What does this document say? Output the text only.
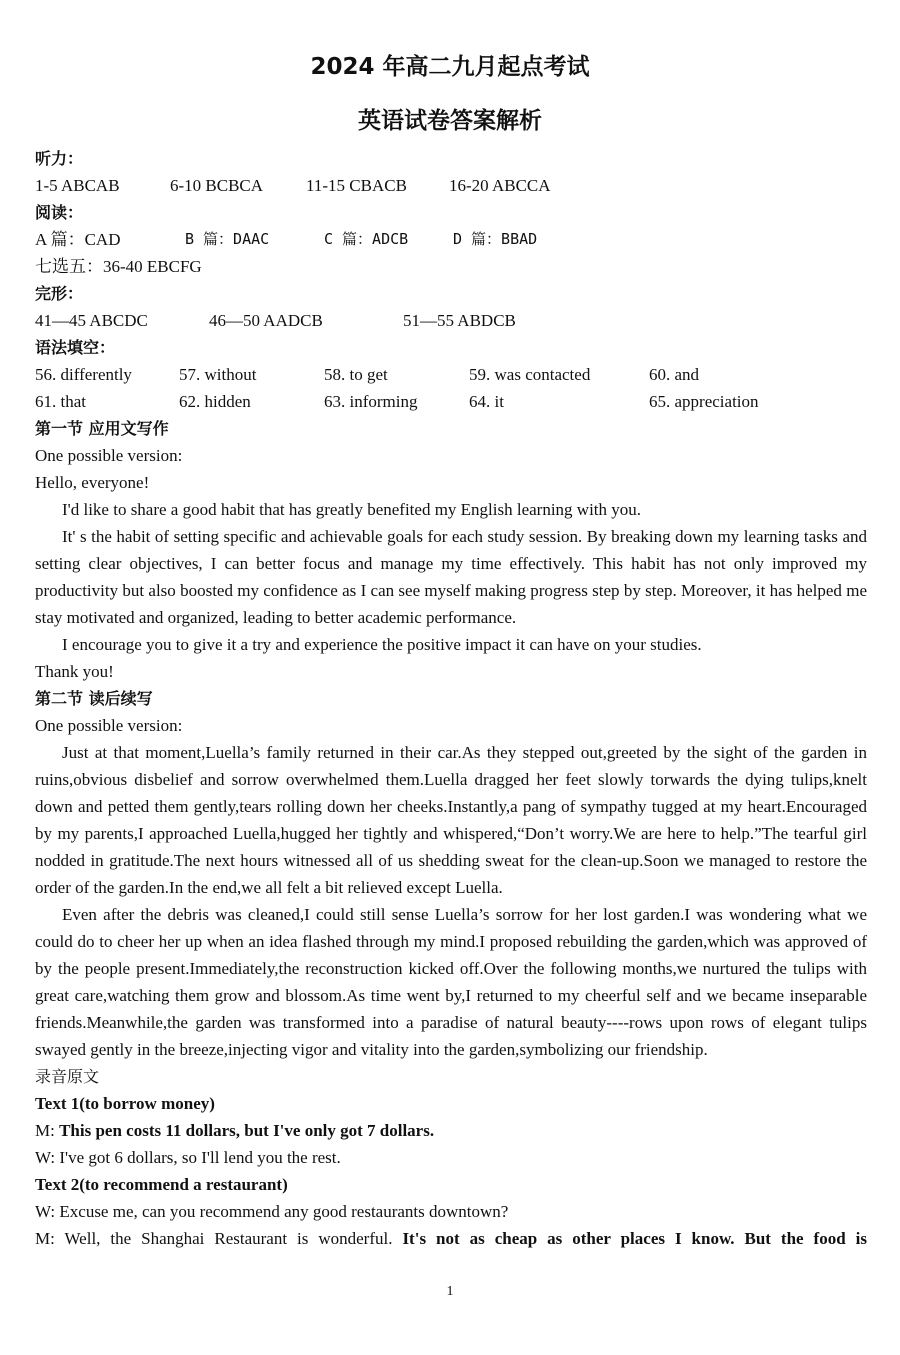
2024 年高二九月起点考试
英语试卷答案解析
听力：
1-5 ABCAB	6-10 BCBCA	11-15 CBACB 16-20 ABCCA
阅读：
A 篇：CAD	B 篇：DAAC	C 篇：ADCB	D 篇：BBAD
七选五：36-40 EBCFG
完形：
41—45 ABCDC	46—50 AADCB	51—55 ABDCB
语法填空：
56. differently	57. without	58. to get	59. was contacted	60. and
61. that	62. hidden	63. informing	64. it	65. appreciation
第一节 应用文写作
One possible version:
Hello, everyone!
I'd like to share a good habit that has greatly benefited my English learning with you.
It' s the habit of setting specific and achievable goals for each study session. By breaking down my learning tasks and setting clear objectives, I can better focus and manage my time effectively. This habit has not only improved my productivity but also boosted my confidence as I can see myself making progress step by step. Moreover, it has helped me stay motivated and organized, leading to better academic performance.
I encourage you to give it a try and experience the positive impact it can have on your studies.
Thank you!
第二节 读后续写
One possible version:
Just at that moment,Luella’s family returned in their car.As they stepped out,greeted by the sight of the garden in ruins,obvious disbelief and sorrow overwhelmed them.Luella dragged her feet slowly torwards the dying tulips,knelt down and petted them gently,tears rolling down her cheeks.Instantly,a pang of sympathy tugged at my heart.Encouraged by my parents,I approached Luella,hugged her tightly and whispered,“Don’t worry.We are here to help.”The tearful girl nodded in gratitude.The next hours witnessed all of us shedding sweat for the clean-up.Soon we managed to restore the order of the garden.In the end,we all felt a bit relieved except Luella.
Even after the debris was cleaned,I could still sense Luella’s sorrow for her lost garden.I was wondering what we could do to cheer her up when an idea flashed through my mind.I proposed rebuilding the garden,which was approved of by the people present.Immediately,the reconstruction kicked off.Over the following months,we nurtured the tulips with great care,watching them grow and blossom.As time went by,I returned to my cheerful self and we became inseparable friends.Meanwhile,the garden was transformed into a paradise of natural beauty----rows upon rows of elegant tulips swayed gently in the breeze,injecting vigor and vitality into the garden,symbolizing our friendship.
录音原文
Text 1(to borrow money)
M: This pen costs 11 dollars, but I've only got 7 dollars.
W: I've got 6 dollars, so I'll lend you the rest.
Text 2(to recommend a restaurant)
W: Excuse me, can you recommend any good restaurants downtown?
M: Well, the Shanghai Restaurant is wonderful. It's not as cheap as other places I know. But the food is
1
